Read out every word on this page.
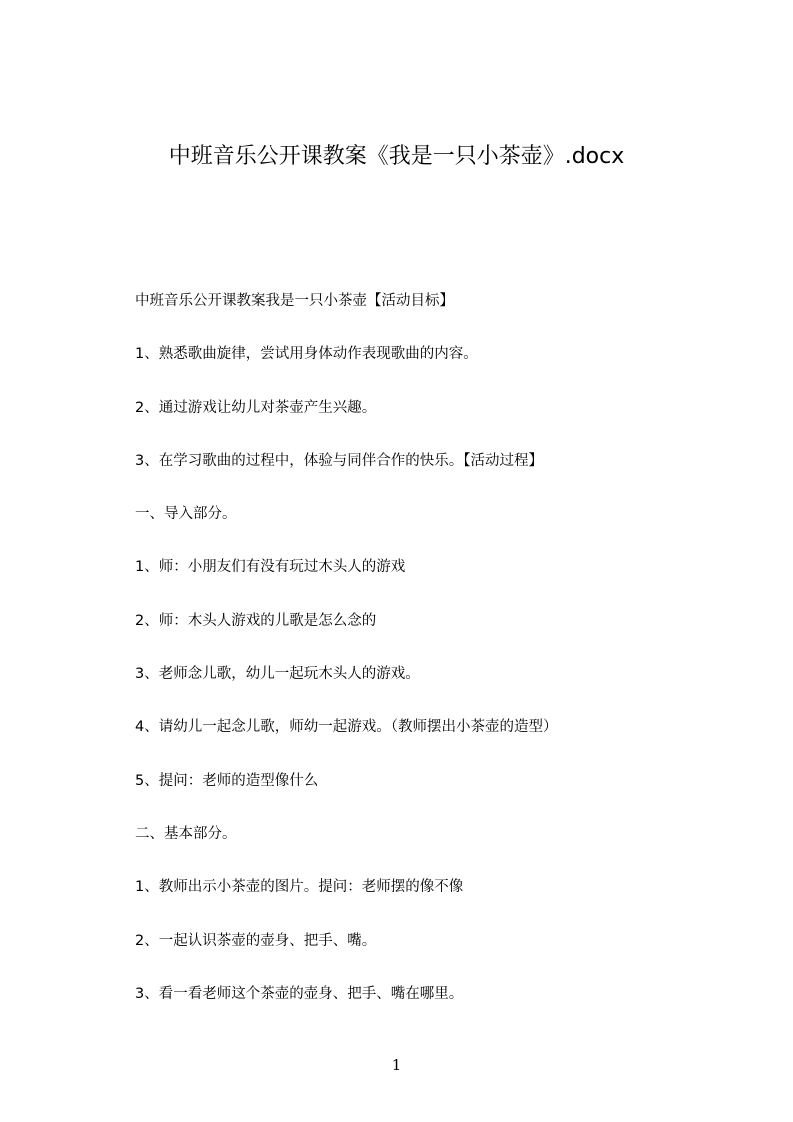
中班音乐公开课教案《我是一只小茶壶》.docx
中班音乐公开课教案我是一只小茶壶【活动目标】
1、熟悉歌曲旋律，尝试用身体动作表现歌曲的内容。
2、通过游戏让幼儿对茶壶产生兴趣。
3、在学习歌曲的过程中，体验与同伴合作的快乐。【活动过程】
一、导入部分。
1、师：小朋友们有没有玩过木头人的游戏
2、师：木头人游戏的儿歌是怎么念的
3、老师念儿歌，幼儿一起玩木头人的游戏。
4、请幼儿一起念儿歌，师幼一起游戏。（教师摆出小茶壶的造型）
5、提问：老师的造型像什么
二、基本部分。
1、教师出示小茶壶的图片。提问：老师摆的像不像
2、一起认识茶壶的壶身、把手、嘴。
3、看一看老师这个茶壶的壶身、把手、嘴在哪里。
1
